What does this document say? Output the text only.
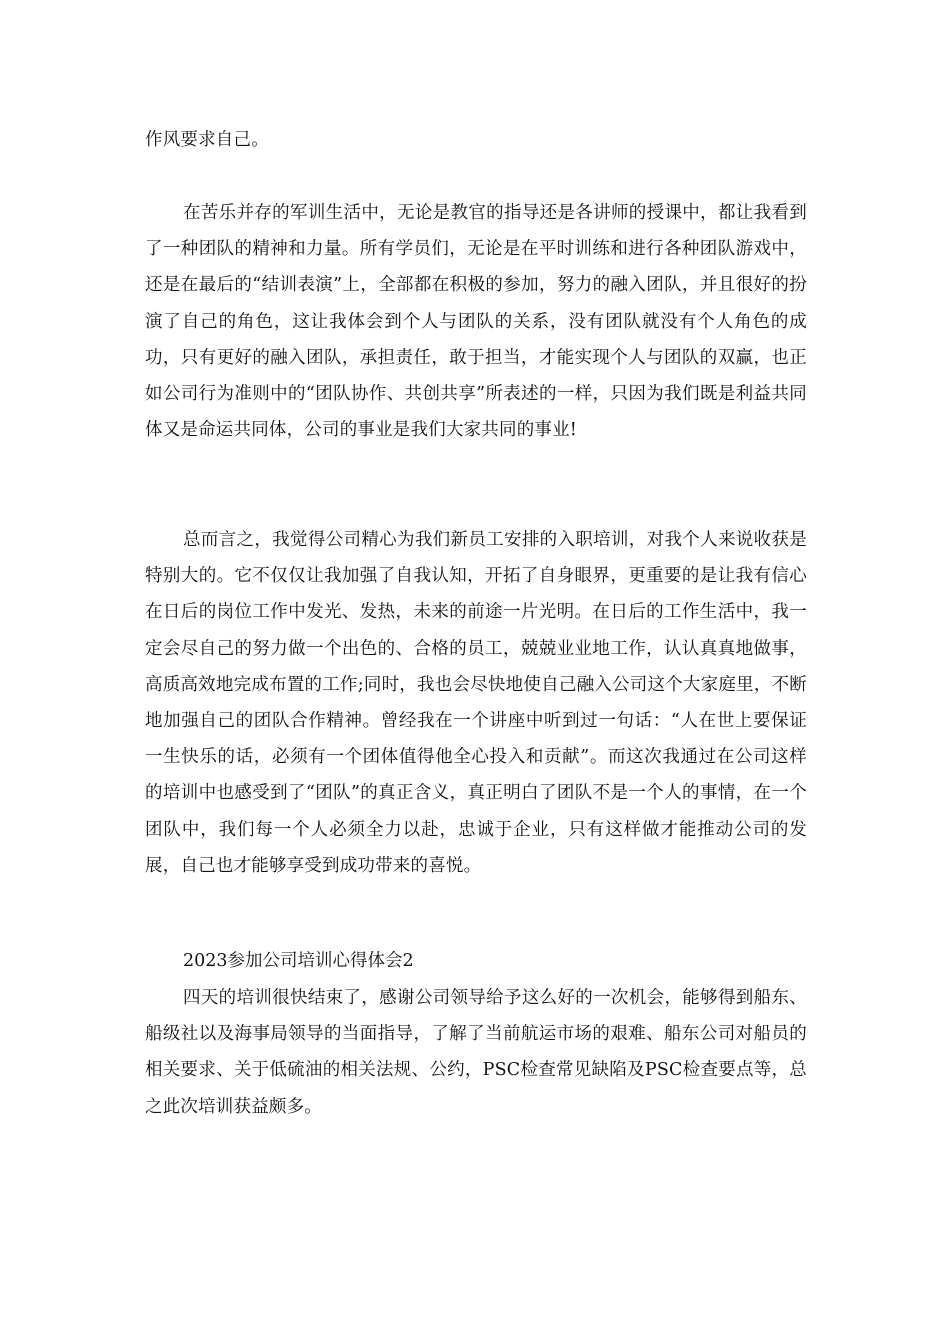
作风要求自己。

在苦乐并存的军训生活中，无论是教官的指导还是各讲师的授课中，都让我看到了一种团队的精神和力量。所有学员们，无论是在平时训练和进行各种团队游戏中，还是在最后的“结训表演”上，全部都在积极的参加，努力的融入团队，并且很好的扮演了自己的角色，这让我体会到个人与团队的关系，没有团队就没有个人角色的成功，只有更好的融入团队，承担责任，敢于担当，才能实现个人与团队的双赢，也正如公司行为准则中的“团队协作、共创共享”所表述的一样，只因为我们既是利益共同体又是命运共同体，公司的事业是我们大家共同的事业!

总而言之，我觉得公司精心为我们新员工安排的入职培训，对我个人来说收获是特别大的。它不仅仅让我加强了自我认知，开拓了自身眼界，更重要的是让我有信心在日后的岗位工作中发光、发热，未来的前途一片光明。在日后的工作生活中，我一定会尽自己的努力做一个出色的、合格的员工，兢兢业业地工作，认认真真地做事，高质高效地完成布置的工作;同时，我也会尽快地使自己融入公司这个大家庭里，不断地加强自己的团队合作精神。曾经我在一个讲座中听到过一句话：“人在世上要保证一生快乐的话，必须有一个团体值得他全心投入和贡献”。而这次我通过在公司这样的培训中也感受到了“团队”的真正含义，真正明白了团队不是一个人的事情，在一个团队中，我们每一个人必须全力以赴，忠诚于企业，只有这样做才能推动公司的发展，自己也才能够享受到成功带来的喜悦。

2023参加公司培训心得体会2

四天的培训很快结束了，感谢公司领导给予这么好的一次机会，能够得到船东、船级社以及海事局领导的当面指导，了解了当前航运市场的艰难、船东公司对船员的相关要求、关于低硫油的相关法规、公约，PSC检查常见缺陷及PSC检查要点等，总之此次培训获益颇多。
